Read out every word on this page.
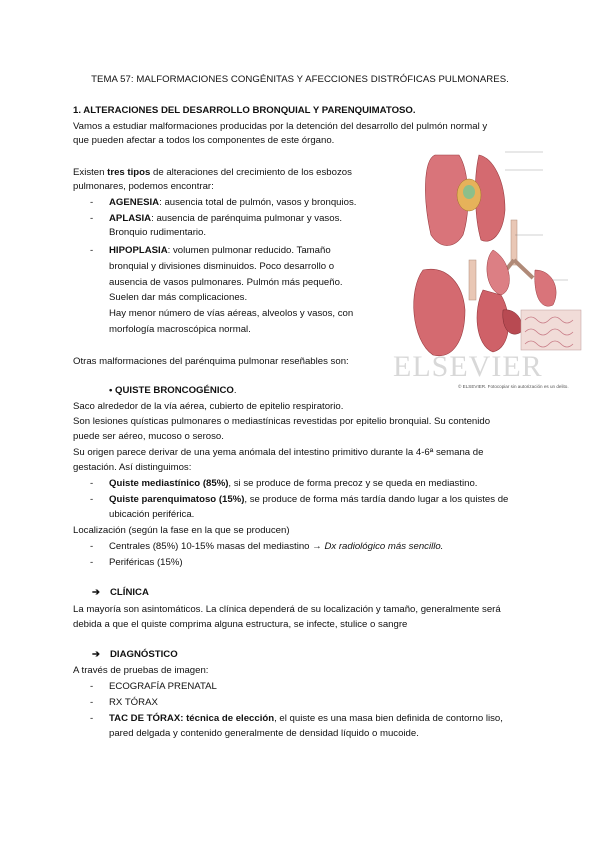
TEMA 57: MALFORMACIONES CONGÉNITAS Y AFECCIONES DISTRÓFICAS PULMONARES.
1. ALTERACIONES DEL DESARROLLO BRONQUIAL Y PARENQUIMATOSO.
Vamos a estudiar malformaciones producidas por la detención del desarrollo del pulmón normal y
que pueden afectar a todos los componentes de este órgano.
Existen tres tipos de alteraciones del crecimiento de los esbozos
pulmonares, podemos encontrar:
- AGENESIA: ausencia total de pulmón, vasos y bronquios.
- APLASIA: ausencia de parénquima pulmonar y vasos.
Bronquio rudimentario.
- HIPOPLASIA: volumen pulmonar reducido. Tamaño
bronquial y divisiones disminuidos. Poco desarrollo o
ausencia de vasos pulmonares. Pulmón más pequeño.
Suelen dar más complicaciones.
Hay menor número de vías aéreas, alveolos y vasos, con
morfología macroscópica normal.
Otras malformaciones del parénquima pulmonar reseñables son: ELSEVIER
© ELSEVIER. Fotocopiar sin autorización es un delito.
• QUISTE BRONCOGÉNICO.
Saco alrededor de la vía aérea, cubierto de epitelio respiratorio.
Son lesiones quísticas pulmonares o mediastínicas revestidas por epitelio bronquial. Su contenido
puede ser aéreo, mucoso o seroso.
Su origen parece derivar de una yema anómala del intestino primitivo durante la 4-6ª semana de
gestación. Así distinguimos:
- Quiste mediastínico (85%), si se produce de forma precoz y se queda en mediastino.
- Quiste parenquimatoso (15%), se produce de forma más tardía dando lugar a los quistes de
ubicación periférica.
Localización (según la fase en la que se producen)
- Centrales (85%) 10-15% masas del mediastino → Dx radiológico más sencillo.
- Periféricas (15%)
➔ CLÍNICA
La mayoría son asintomáticos. La clínica dependerá de su localización y tamaño, generalmente será
debida a que el quiste comprima alguna estructura, se infecte, stulice o sangre
➔ DIAGNÓSTICO
A través de pruebas de imagen:
- ECOGRAFÍA PRENATAL
- RX TÓRAX
- TAC DE TÓRAX: técnica de elección, el quiste es una masa bien definida de contorno liso,
pared delgada y contenido generalmente de densidad líquido o mucoide.
